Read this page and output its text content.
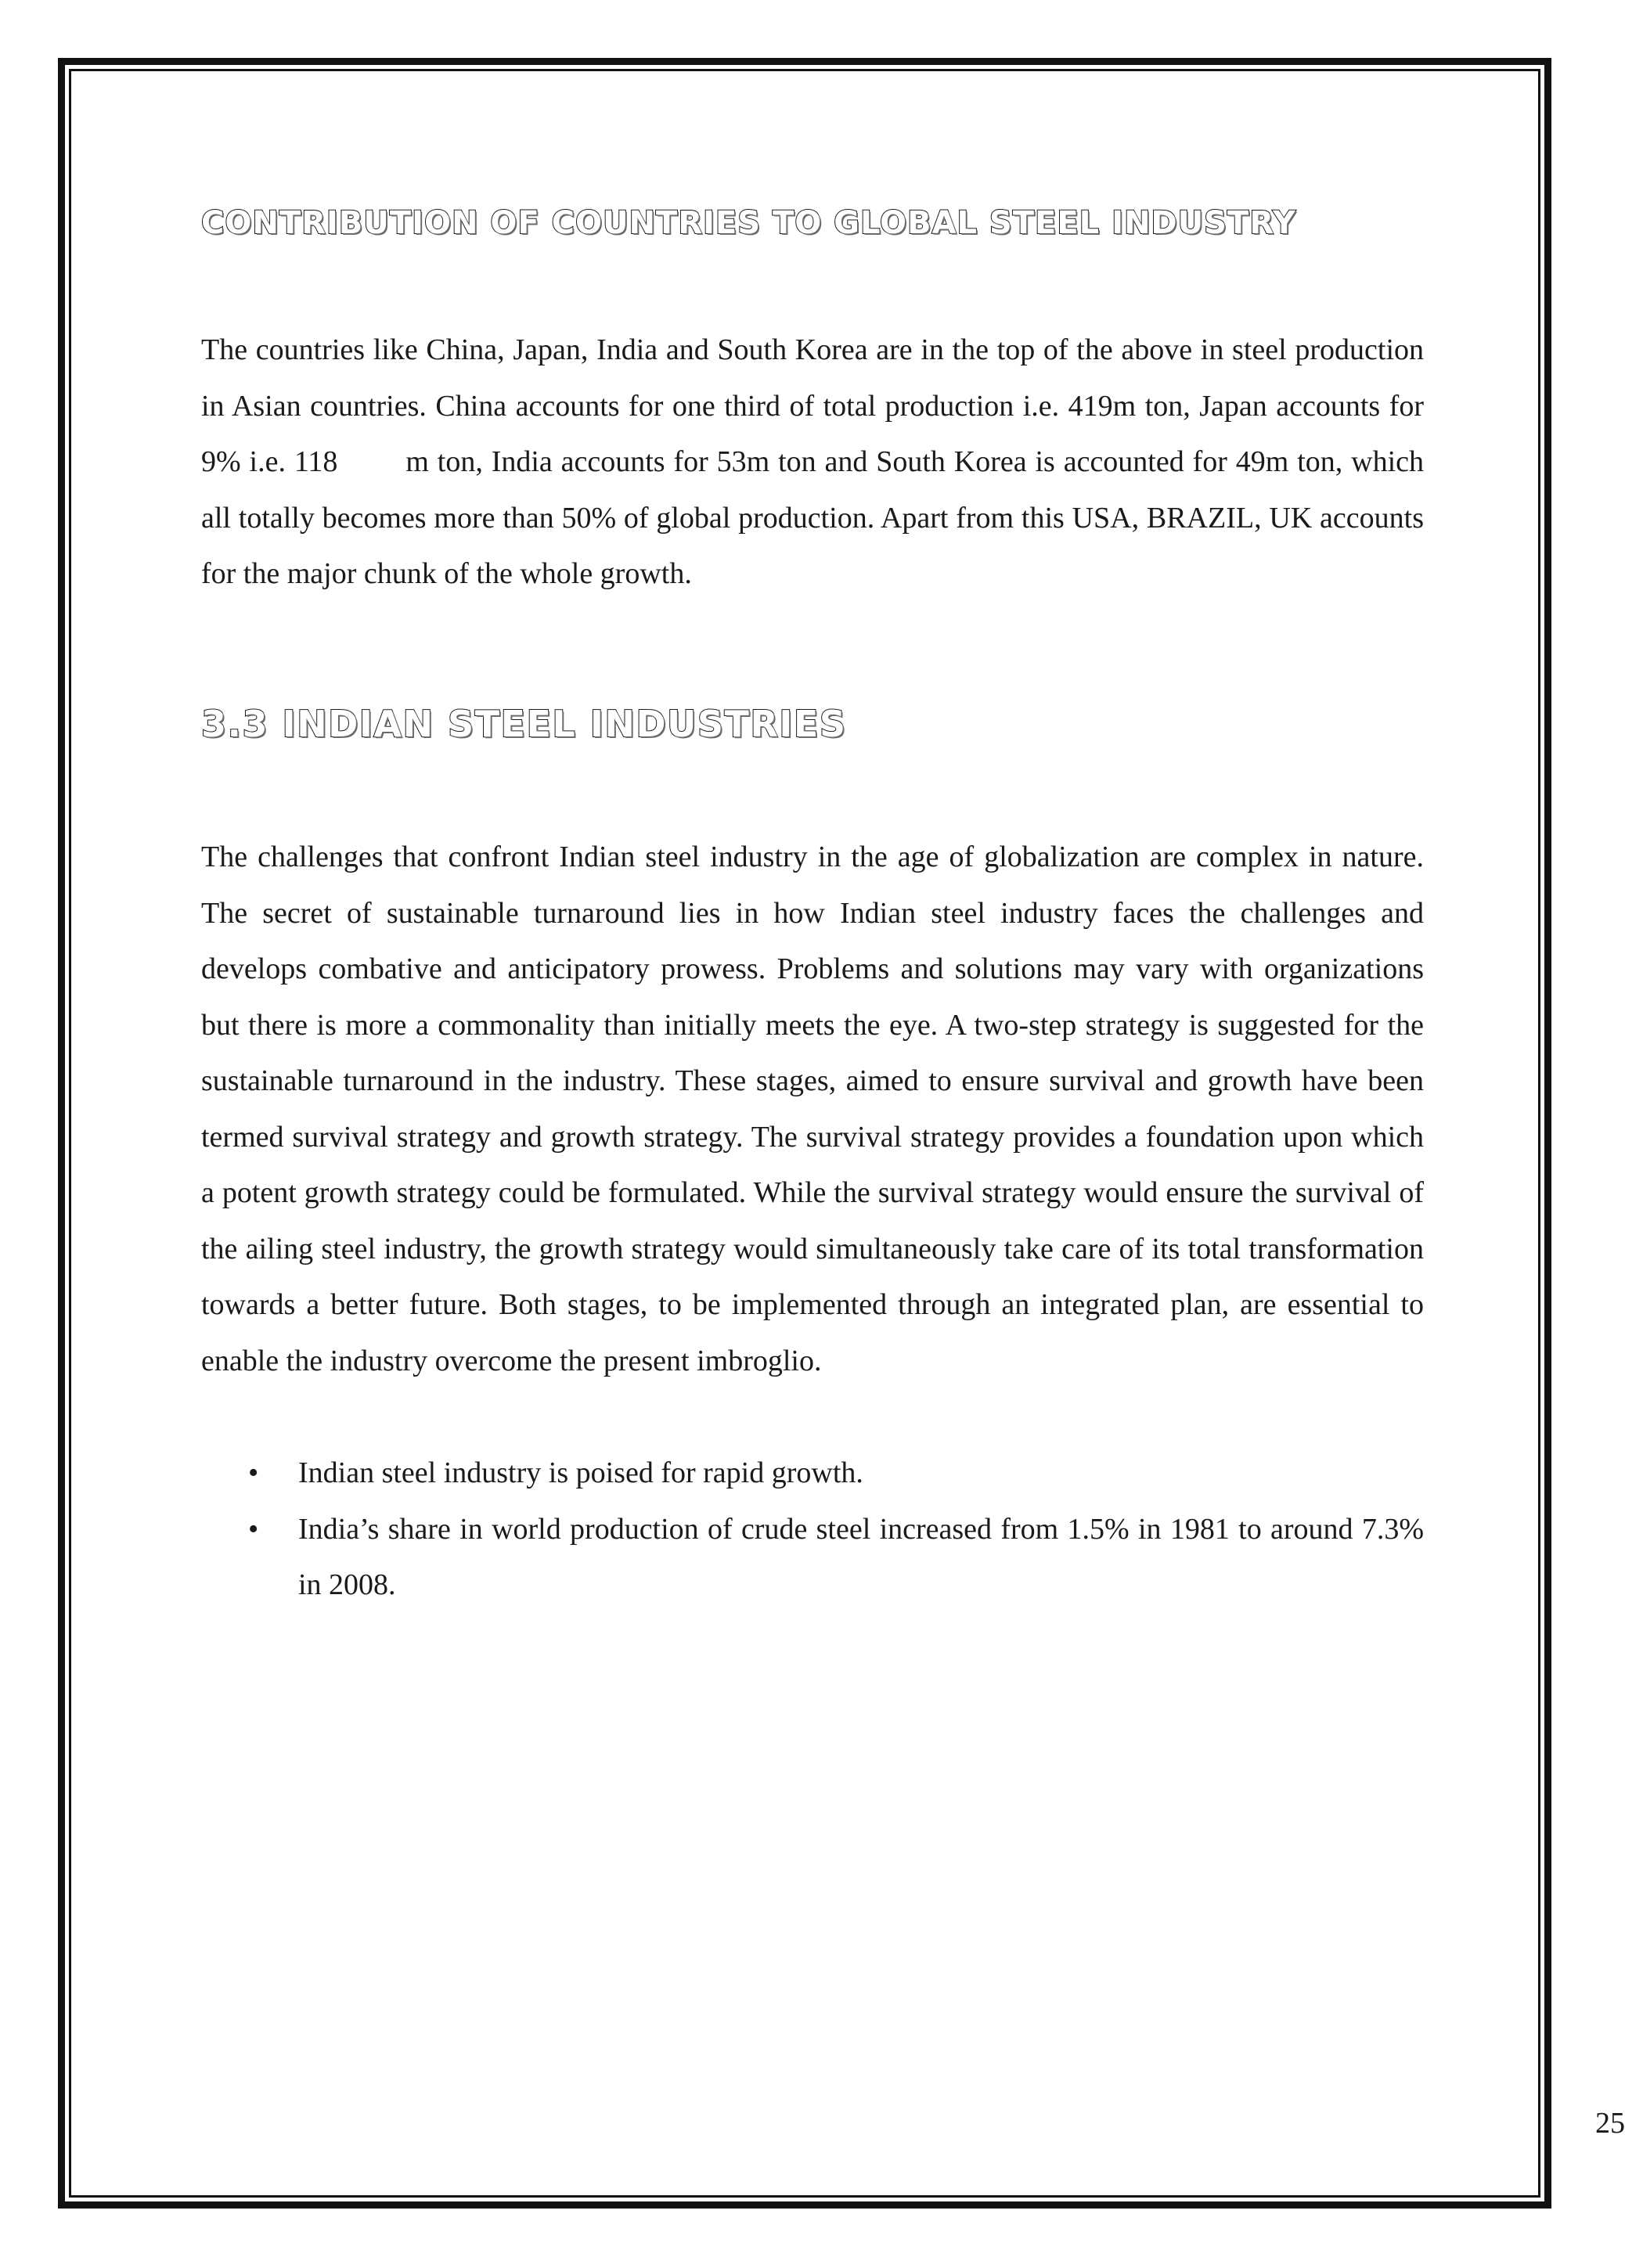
CONTRIBUTION OF COUNTRIES TO GLOBAL STEEL INDUSTRY

The countries like China, Japan, India and South Korea are in the top of the above in steel production in Asian countries. China accounts for one third of total production i.e. 419m ton, Japan accounts for 9% i.e. 118        m ton, India accounts for 53m ton and South Korea is accounted for 49m ton, which all totally becomes more than 50% of global production. Apart from this USA, BRAZIL, UK accounts for the major chunk of the whole growth.

3.3 INDIAN STEEL INDUSTRIES

The challenges that confront Indian steel industry in the age of globalization are complex in nature. The secret of sustainable turnaround lies in how Indian steel industry faces the challenges and develops combative and anticipatory prowess. Problems and solutions may vary with organizations but there is more a commonality than initially meets the eye. A two-step strategy is suggested for the sustainable turnaround in the industry. These stages, aimed to ensure survival and growth have been termed survival strategy and growth strategy. The survival strategy provides a foundation upon which a potent growth strategy could be formulated. While the survival strategy would ensure the survival of the ailing steel industry, the growth strategy would simultaneously take care of its total transformation towards a better future. Both stages, to be implemented through an integrated plan, are essential to enable the industry overcome the present imbroglio.

• Indian steel industry is poised for rapid growth.
• India’s share in world production of crude steel increased from 1.5% in 1981 to around 7.3% in 2008.
25
